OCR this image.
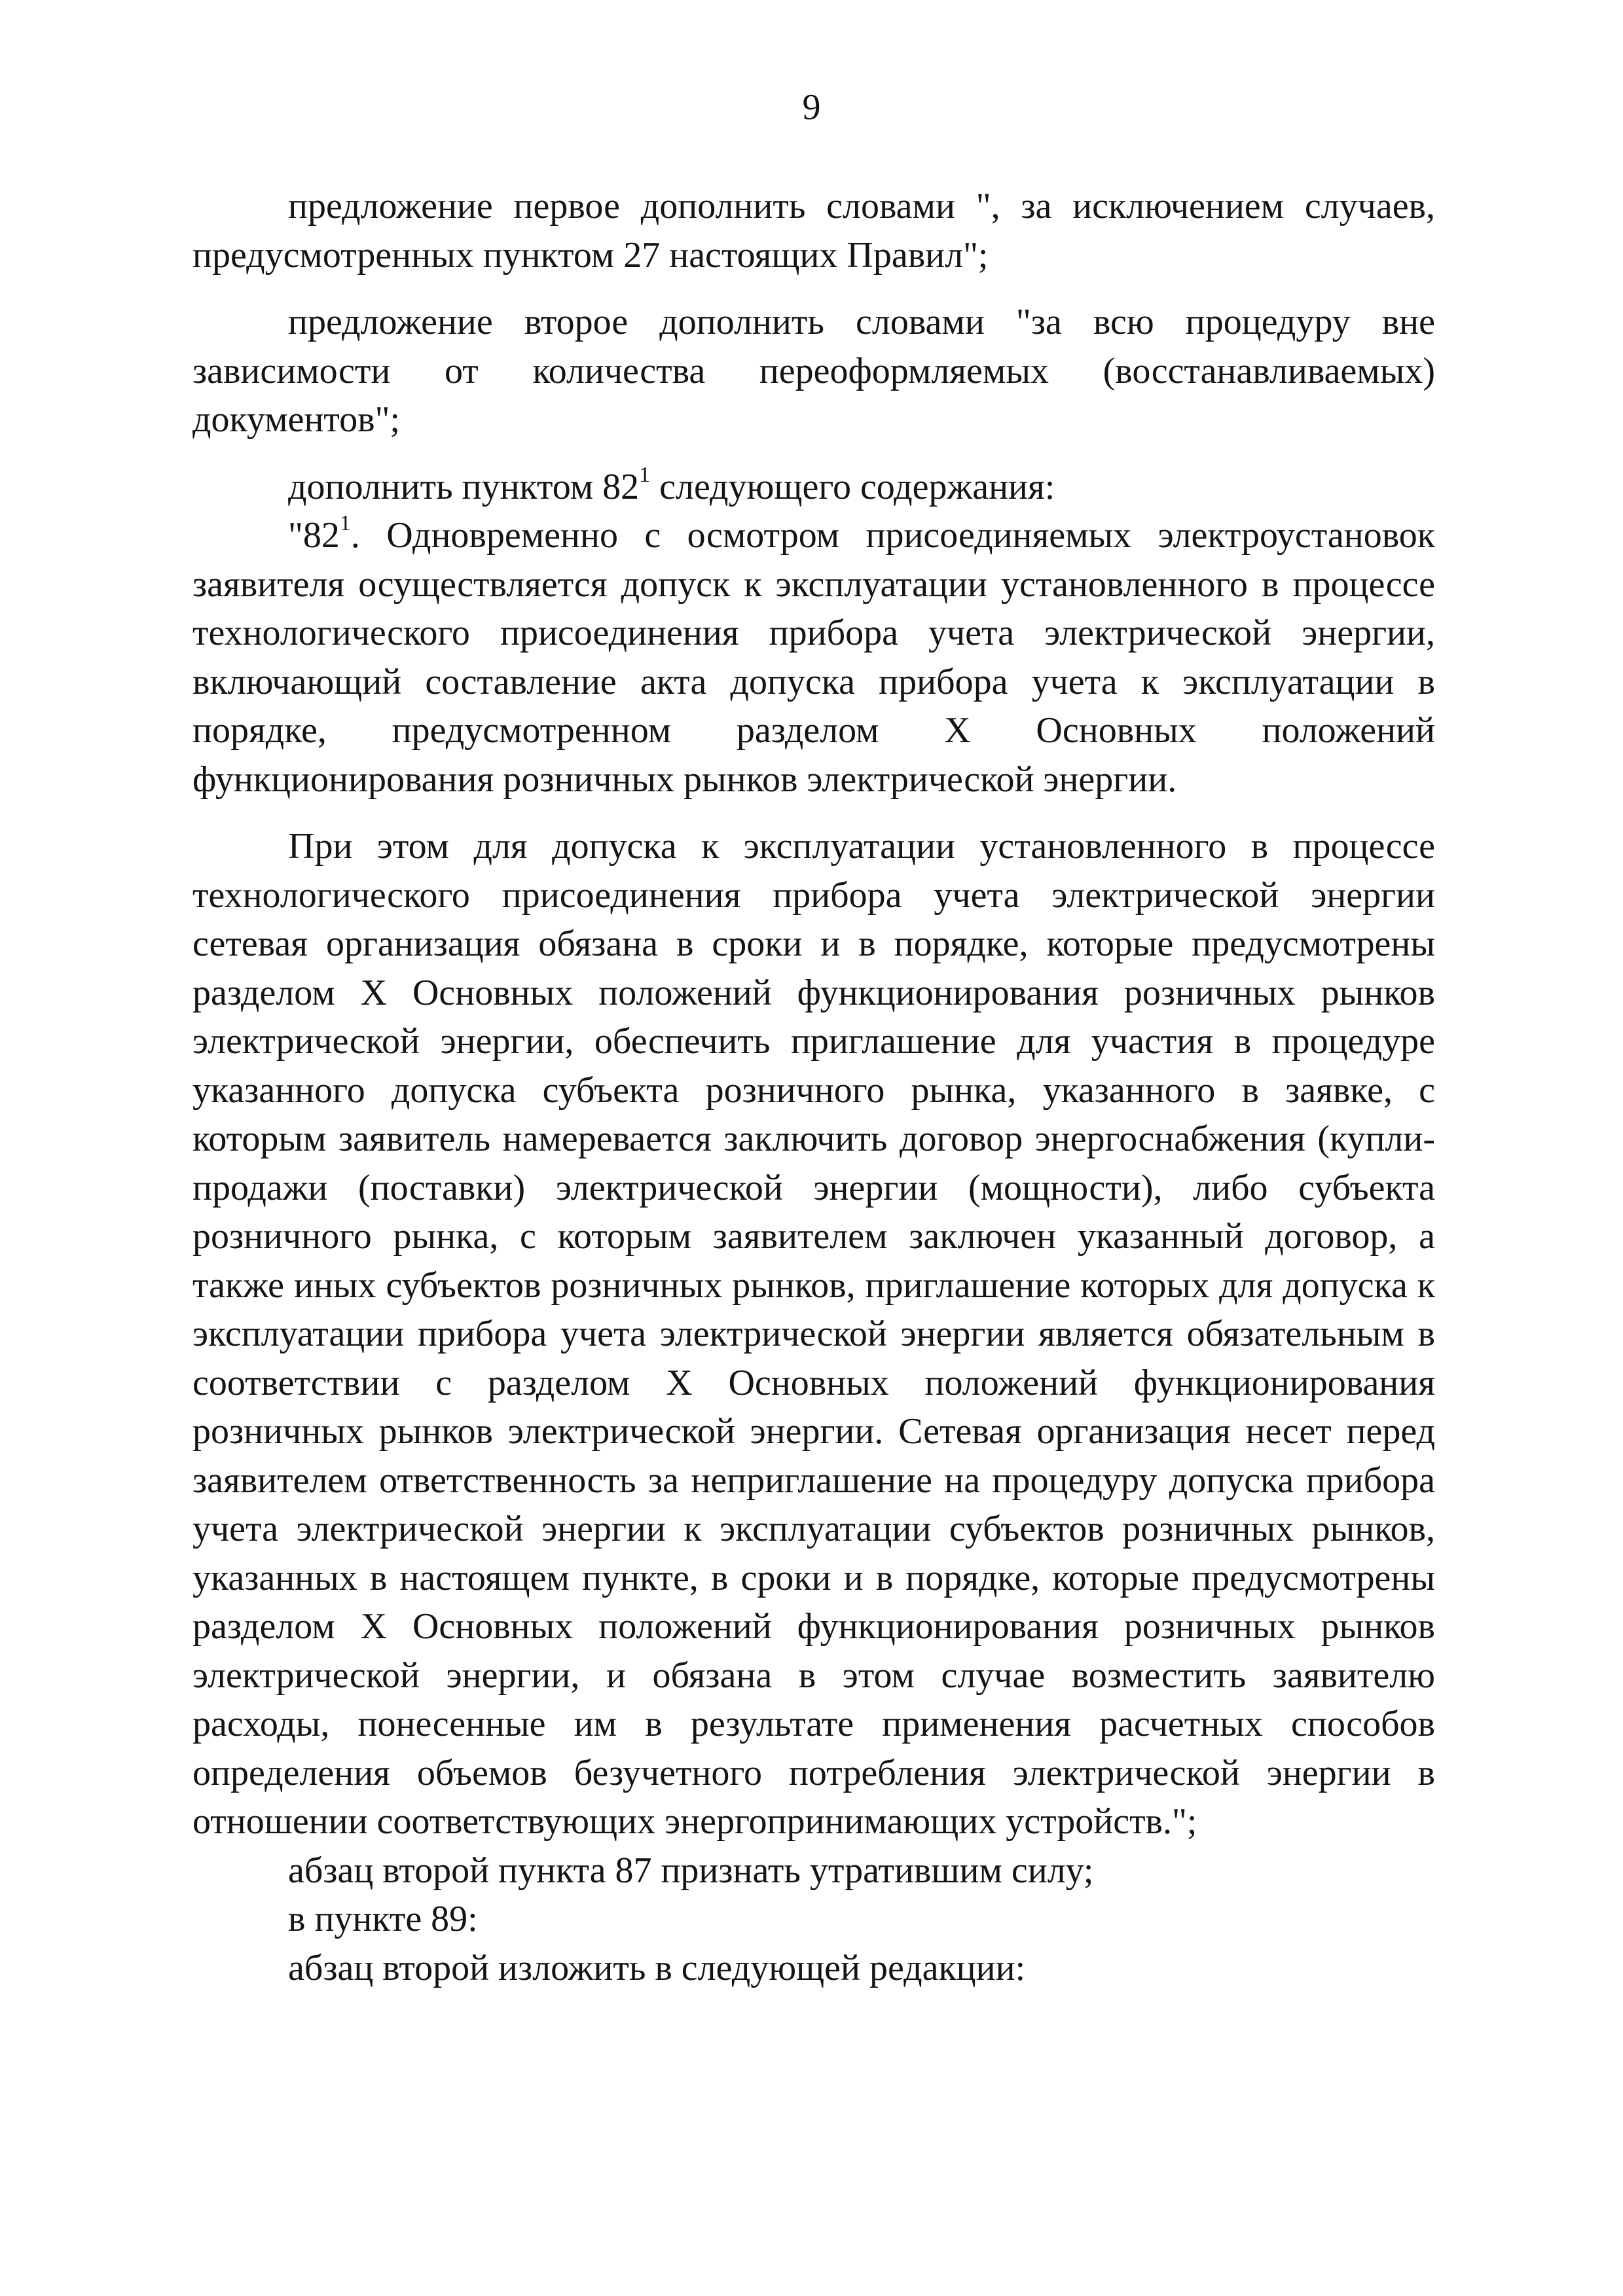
9

предложение первое дополнить словами ", за исключением случаев, предусмотренных пунктом 27 настоящих Правил";

предложение второе дополнить словами "за всю процедуру вне зависимости от количества переоформляемых (восстанавливаемых) документов";

дополнить пунктом $82^1$ следующего содержания:

"$82^1$. Одновременно с осмотром присоединяемых электроустановок заявителя осуществляется допуск к эксплуатации установленного в процессе технологического присоединения прибора учета электрической энергии, включающий составление акта допуска прибора учета к эксплуатации в порядке, предусмотренном разделом X Основных положений функционирования розничных рынков электрической энергии.

При этом для допуска к эксплуатации установленного в процессе технологического присоединения прибора учета электрической энергии сетевая организация обязана в сроки и в порядке, которые предусмотрены разделом X Основных положений функционирования розничных рынков электрической энергии, обеспечить приглашение для участия в процедуре указанного допуска субъекта розничного рынка, указанного в заявке, с которым заявитель намеревается заключить договор энергоснабжения (купли-продажи (поставки) электрической энергии (мощности), либо субъекта розничного рынка, с которым заявителем заключен указанный договор, а также иных субъектов розничных рынков, приглашение которых для допуска к эксплуатации прибора учета электрической энергии является обязательным в соответствии с разделом X Основных положений функционирования розничных рынков электрической энергии. Сетевая организация несет перед заявителем ответственность за неприглашение на процедуру допуска прибора учета электрической энергии к эксплуатации субъектов розничных рынков, указанных в настоящем пункте, в сроки и в порядке, которые предусмотрены разделом X Основных положений функционирования розничных рынков электрической энергии, и обязана в этом случае возместить заявителю расходы, понесенные им в результате применения расчетных способов определения объемов безучетного потребления электрической энергии в отношении соответствующих энергопринимающих устройств.";

абзац второй пункта 87 признать утратившим силу;

в пункте 89:

абзац второй изложить в следующей редакции:
